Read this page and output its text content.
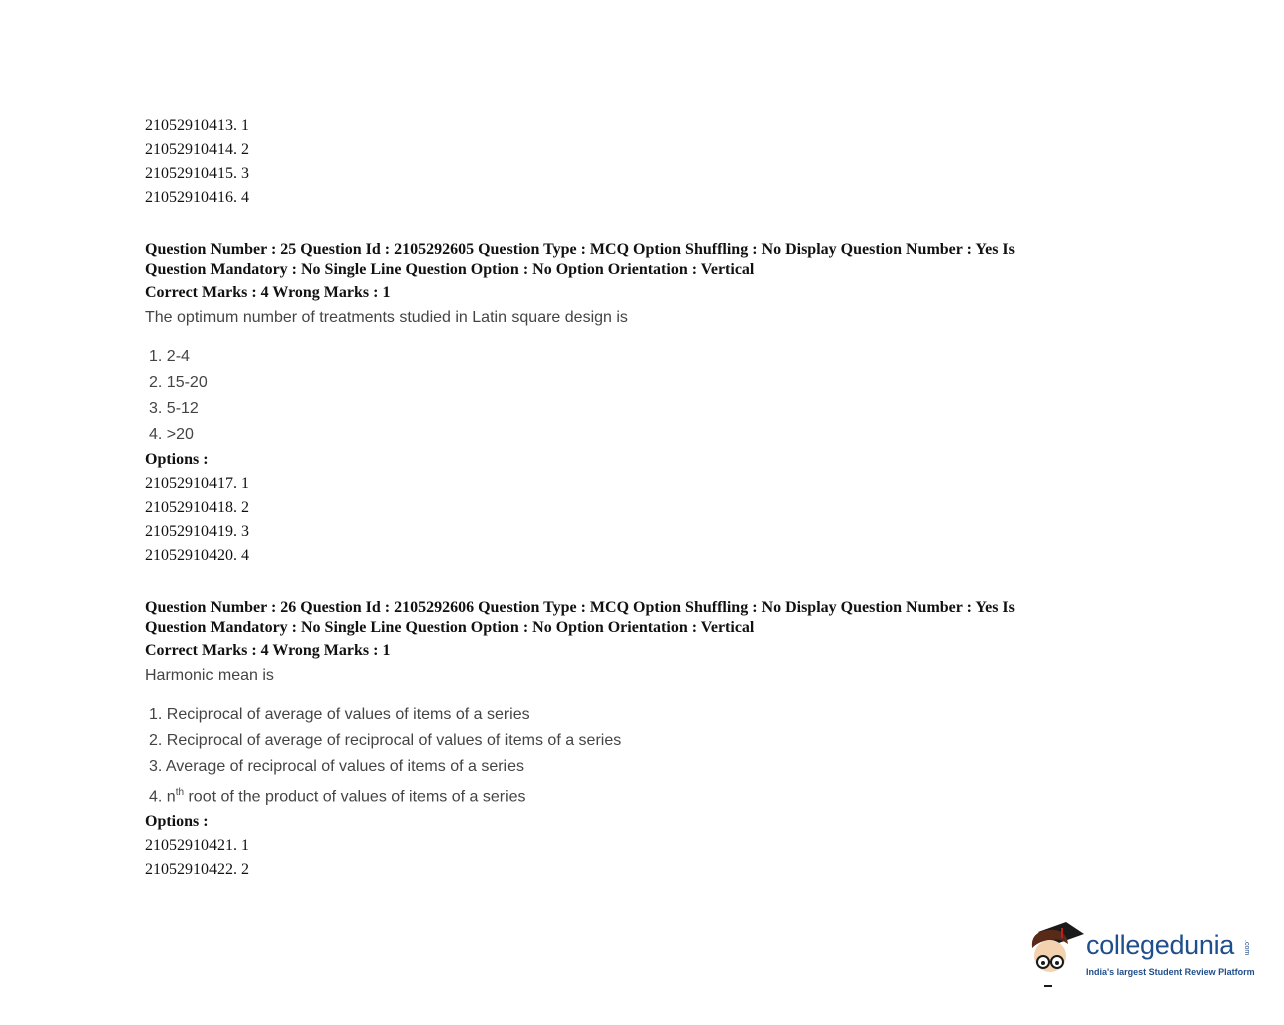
21052910413. 1
21052910414. 2
21052910415. 3
21052910416. 4
Question Number : 25 Question Id : 2105292605 Question Type : MCQ Option Shuffling : No Display Question Number : Yes Is
Question Mandatory : No Single Line Question Option : No Option Orientation : Vertical
Correct Marks : 4 Wrong Marks : 1
The optimum number of treatments studied in Latin square design is
1. 2-4
2. 15-20
3. 5-12
4. >20
Options :
21052910417. 1
21052910418. 2
21052910419. 3
21052910420. 4
Question Number : 26 Question Id : 2105292606 Question Type : MCQ Option Shuffling : No Display Question Number : Yes Is
Question Mandatory : No Single Line Question Option : No Option Orientation : Vertical
Correct Marks : 4 Wrong Marks : 1
Harmonic mean is
1. Reciprocal of average of values of items of a series
2. Reciprocal of average of reciprocal of values of items of a series
3. Average of reciprocal of values of items of a series
4. $n^{th}$ root of the product of values of items of a series
Options :
21052910421. 1
21052910422. 2
collegedunia .com
India's largest Student Review Platform
